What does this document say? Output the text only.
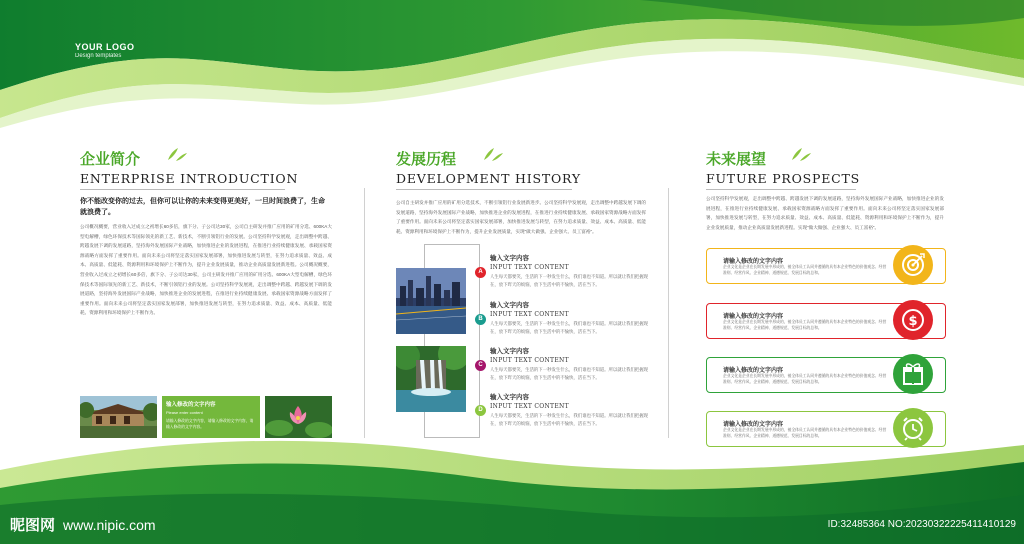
YOUR LOGO
Design templates
企业简介
ENTERPRISE INTRODUCTION
你不能改变你的过去，但你可以让你的未来变得更美好，一旦时间浪费了，生命就浪费了。
公司概况概要，营业收入过成立之初增长60多倍，旗下分、子公司达30家，公司自主研发并推广应用的矿用分选、600KA大型电解槽，绿色环保技术等国际领先的新工艺、新技术，不断引领铝行业的发展。公司坚持科学发展观，走出调整中跨越、跨越发展下调的发展道路，坚持海外发展国际产业战略，加快推进企业的发展进程，在推进行业持续健康发展、承载国家资源战略方面发挥了重要作用。面向未来公司将坚定落实国家发展部署，加快推进发展与转型，在努力追求质量、效益、成本、高质量、低能耗、资源利用和环境保护上不断作为，提升企业发展质量，推动企业高质量发展新进程。公司概况概要，营业收入过成立之初增长60多倍，旗下分、子公司达30家，公司主研发并推广应用的矿用分选、600KA大型电解槽，绿色环保技术等国际领先的新工艺、新技术，不断引领铝行业的发展。公司坚持科学发展观，走出调整中跨越、跨越发展下调的发展道路，坚持海外发展国际产业战略，加快推进企业的发展进程，在推进行业持续健康发展、承载国家资源战略方面发挥了重要作用。面向未来公司将坚定落实国家发展部署，加快推进发展与转型，在努力追求质量、效益、成本、高质量、低能耗、资源利用和环境保护上不断作为。
输入修改的文字内容
Please enter content
请输入修改的文字内容，请输入修改的文字内容，请输入修改的文字内容。
发展历程
DEVELOPMENT HISTORY
公司自主研发并推广应用的矿用分选技术，不断引领铝行业发展新进步。公司坚持科学发展观，走出调整中跨越发展下调的发展道路，坚持海外发展国际产业战略，加快推进企业的发展进程，在推进行业持续健康发展、承载国家资源战略方面发挥了重要作用。面向未来公司将坚定落实国家发展部署，加快推进发展与转型，在努力追求质量、效益、成本、高质量、低能耗、资源利用和环境保护上不断作为，提升企业发展质量，实现“做大做强、企业强大、员工富裕”。
A
输入文字内容
INPUT TEXT CONTENT
人生每天都要笑，生活的下一秒发生什么，我们谁也不知道。所以就让我们把握现在，放下昨天的烦恼，放下生活中的不愉快，活在当下。
B
输入文字内容
INPUT TEXT CONTENT
人生每天都要笑，生活的下一秒发生什么，我们谁也不知道。所以就让我们把握现在，放下昨天的烦恼，放下生活中的不愉快，活在当下。
C
输入文字内容
INPUT TEXT CONTENT
人生每天都要笑，生活的下一秒发生什么，我们谁也不知道。所以就让我们把握现在，放下昨天的烦恼，放下生活中的不愉快，活在当下。
D
输入文字内容
INPUT TEXT CONTENT
人生每天都要笑，生活的下一秒发生什么，我们谁也不知道。所以就让我们把握现在，放下昨天的烦恼，放下生活中的不愉快，活在当下。
未来展望
FUTURE PROSPECTS
公司坚持科学发展观，走出调整中跨越、跨越发展下调的发展道路，坚持海外发展国际产业战略，加快推进企业的发展进程，在推进行业持续健康发展、承载国家资源战略方面发挥了重要作用。面向未来公司将坚定落实国家发展部署，加快推进发展与转型，在努力追求质量、效益、成本、高质量、低能耗、资源利用和环境保护上不断作为，提升企业发展质量，推动企业高质量发展新进程。实现“做大做强、企业强大、员工富裕”。
请输入修改的文字内容
企业文化是企业在长期发展中形成的，被全体员工认同并遵循的具有本企业特色的价值观念、经营准则、经营作风、企业精神、道德规范、发展目标的总和。
请输入修改的文字内容
企业文化是企业在长期发展中形成的，被全体员工认同并遵循的具有本企业特色的价值观念、经营准则、经营作风、企业精神、道德规范、发展目标的总和。	$
请输入修改的文字内容
企业文化是企业在长期发展中形成的，被全体员工认同并遵循的具有本企业特色的价值观念、经营准则、经营作风、企业精神、道德规范、发展目标的总和。
请输入修改的文字内容
企业文化是企业在长期发展中形成的，被全体员工认同并遵循的具有本企业特色的价值观念、经营准则、经营作风、企业精神、道德规范、发展目标的总和。
昵图网 www.nipic.com	ID:32485364 NO:20230322225411410129
